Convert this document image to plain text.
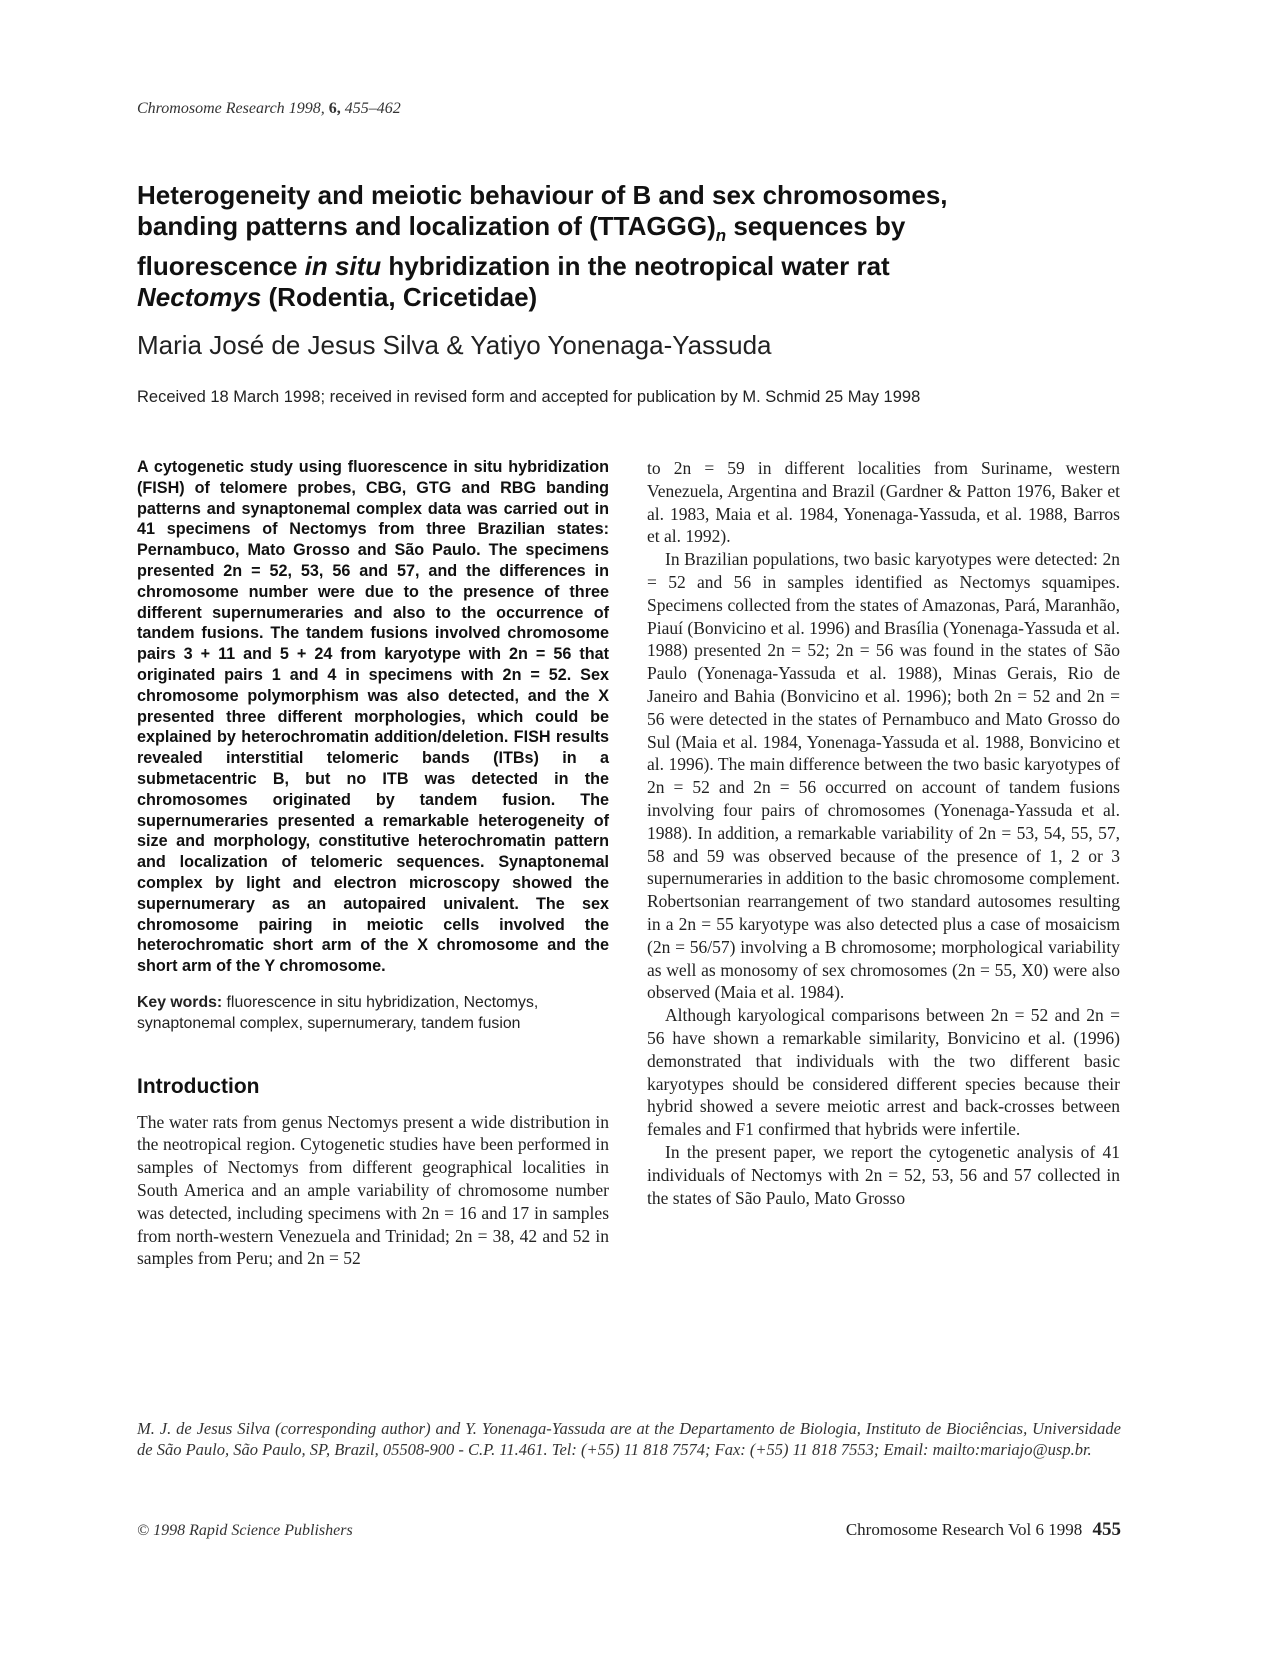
Chromosome Research 1998, 6, 455–462
Heterogeneity and meiotic behaviour of B and sex chromosomes,
banding patterns and localization of $(TTAGGG)_n$ sequences by
fluorescence in situ hybridization in the neotropical water rat
Nectomys (Rodentia, Cricetidae)
Maria José de Jesus Silva & Yatiyo Yonenaga-Yassuda
Received 18 March 1998; received in revised form and accepted for publication by M. Schmid 25 May 1998

A cytogenetic study using fluorescence in situ hybridization (FISH) of telomere probes, CBG, GTG and RBG banding patterns and synaptonemal complex data was carried out in 41 specimens of Nectomys from three Brazilian states: Pernambuco, Mato Grosso and São Paulo. The specimens presented 2n = 52, 53, 56 and 57, and the differences in chromosome number were due to the presence of three different supernumeraries and also to the occurrence of tandem fusions. The tandem fusions involved chromosome pairs 3 + 11 and 5 + 24 from karyotype with 2n = 56 that originated pairs 1 and 4 in specimens with 2n = 52. Sex chromosome polymorphism was also detected, and the X presented three different morphologies, which could be explained by heterochromatin addition/deletion. FISH results revealed interstitial telomeric bands (ITBs) in a submetacentric B, but no ITB was detected in the chromosomes originated by tandem fusion. The supernumeraries presented a remarkable heterogeneity of size and morphology, constitutive heterochromatin pattern and localization of telomeric sequences. Synaptonemal complex by light and electron microscopy showed the supernumerary as an autopaired univalent. The sex chromosome pairing in meiotic cells involved the heterochromatic short arm of the X chromosome and the short arm of the Y chromosome.

Key words: fluorescence in situ hybridization, Nectomys, synaptonemal complex, supernumerary, tandem fusion

Introduction

The water rats from genus Nectomys present a wide distribution in the neotropical region. Cytogenetic studies have been performed in samples of Nectomys from different geographical localities in South America and an ample variability of chromosome number was detected, including specimens with 2n = 16 and 17 in samples from north-western Venezuela and Trinidad; 2n = 38, 42 and 52 in samples from Peru; and 2n = 52

to 2n = 59 in different localities from Suriname, western Venezuela, Argentina and Brazil (Gardner & Patton 1976, Baker et al. 1983, Maia et al. 1984, Yonenaga-Yassuda, et al. 1988, Barros et al. 1992).

In Brazilian populations, two basic karyotypes were detected: 2n = 52 and 56 in samples identified as Nectomys squamipes. Specimens collected from the states of Amazonas, Pará, Maranhão, Piauí (Bonvicino et al. 1996) and Brasília (Yonenaga-Yassuda et al. 1988) presented 2n = 52; 2n = 56 was found in the states of São Paulo (Yonenaga-Yassuda et al. 1988), Minas Gerais, Rio de Janeiro and Bahia (Bonvicino et al. 1996); both 2n = 52 and 2n = 56 were detected in the states of Pernambuco and Mato Grosso do Sul (Maia et al. 1984, Yonenaga-Yassuda et al. 1988, Bonvicino et al. 1996). The main difference between the two basic karyotypes of 2n = 52 and 2n = 56 occurred on account of tandem fusions involving four pairs of chromosomes (Yonenaga-Yassuda et al. 1988). In addition, a remarkable variability of 2n = 53, 54, 55, 57, 58 and 59 was observed because of the presence of 1, 2 or 3 supernumeraries in addition to the basic chromosome complement. Robertsonian rearrangement of two standard autosomes resulting in a 2n = 55 karyotype was also detected plus a case of mosaicism (2n = 56/57) involving a B chromosome; morphological variability as well as monosomy of sex chromosomes (2n = 55, X0) were also observed (Maia et al. 1984).

Although karyological comparisons between 2n = 52 and 2n = 56 have shown a remarkable similarity, Bonvicino et al. (1996) demonstrated that individuals with the two different basic karyotypes should be considered different species because their hybrid showed a severe meiotic arrest and back-crosses between females and F1 confirmed that hybrids were infertile.

In the present paper, we report the cytogenetic analysis of 41 individuals of Nectomys with 2n = 52, 53, 56 and 57 collected in the states of São Paulo, Mato Grosso

M. J. de Jesus Silva (corresponding author) and Y. Yonenaga-Yassuda are at the Departamento de Biologia, Instituto de Biociências, Universidade de São Paulo, São Paulo, SP, Brazil, 05508-900 - C.P. 11.461. Tel: (+55) 11 818 7574; Fax: (+55) 11 818 7553; Email: mailto:mariajo@usp.br.

© 1998 Rapid Science Publishers	Chromosome Research Vol 6 1998 455
